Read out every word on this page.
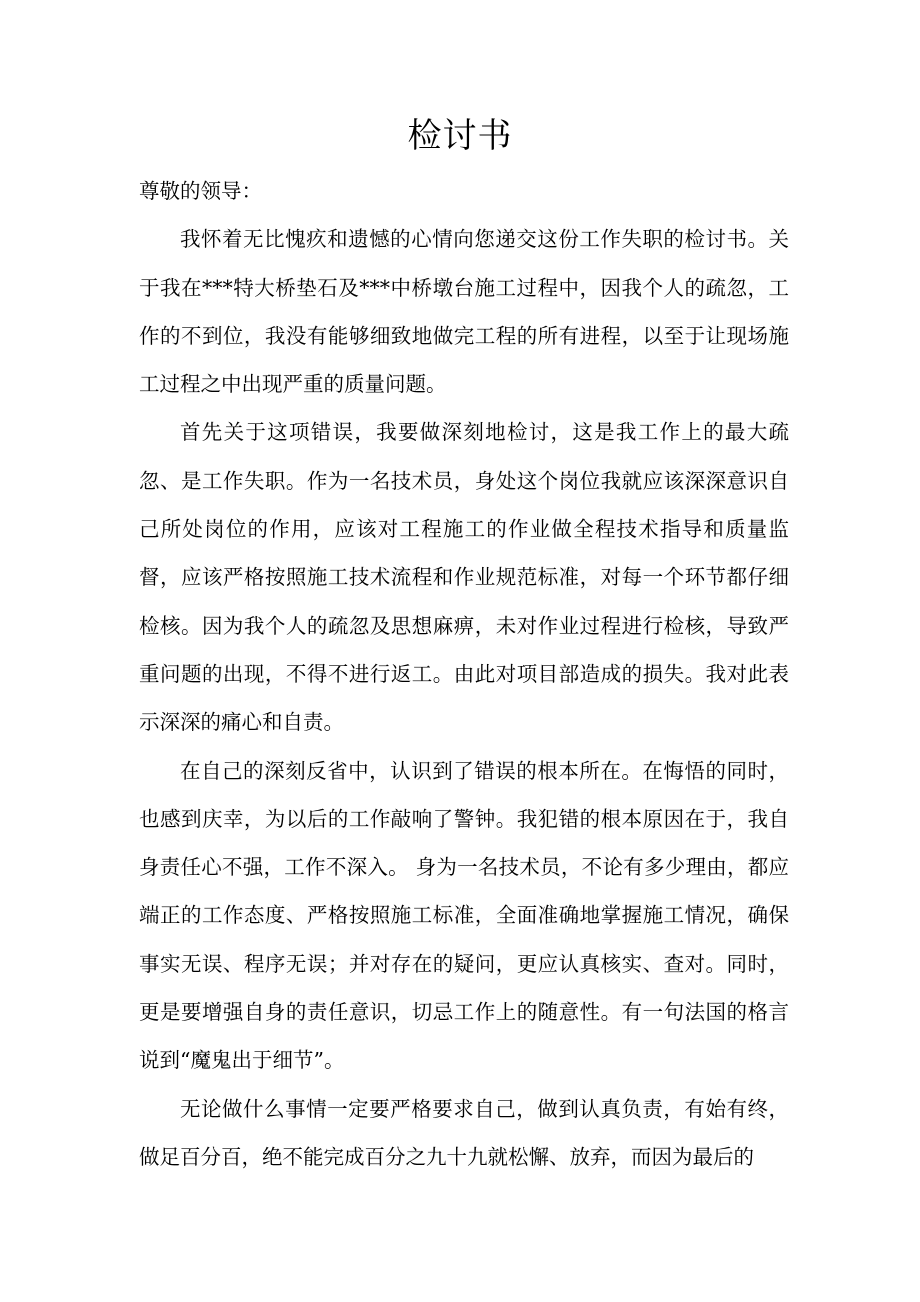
检讨书

尊敬的领导：

我怀着无比愧疚和遗憾的心情向您递交这份工作失职的检讨书。关于我在***特大桥垫石及***中桥墩台施工过程中，因我个人的疏忽，工作的不到位，我没有能够细致地做完工程的所有进程，以至于让现场施工过程之中出现严重的质量问题。

首先关于这项错误，我要做深刻地检讨，这是我工作上的最大疏忽、是工作失职。作为一名技术员，身处这个岗位我就应该深深意识自己所处岗位的作用，应该对工程施工的作业做全程技术指导和质量监督，应该严格按照施工技术流程和作业规范标准，对每一个环节都仔细检核。因为我个人的疏忽及思想麻痹，未对作业过程进行检核，导致严重问题的出现，不得不进行返工。由此对项目部造成的损失。我对此表示深深的痛心和自责。

在自己的深刻反省中，认识到了错误的根本所在。在悔悟的同时，也感到庆幸，为以后的工作敲响了警钟。我犯错的根本原因在于，我自身责任心不强，工作不深入。 身为一名技术员，不论有多少理由，都应端正的工作态度、严格按照施工标准，全面准确地掌握施工情况，确保事实无误、程序无误；并对存在的疑问，更应认真核实、查对。同时，更是要增强自身的责任意识，切忌工作上的随意性。有一句法国的格言说到“魔鬼出于细节”。

无论做什么事情一定要严格要求自己，做到认真负责，有始有终，做足百分百，绝不能完成百分之九十九就松懈、放弃，而因为最后的
